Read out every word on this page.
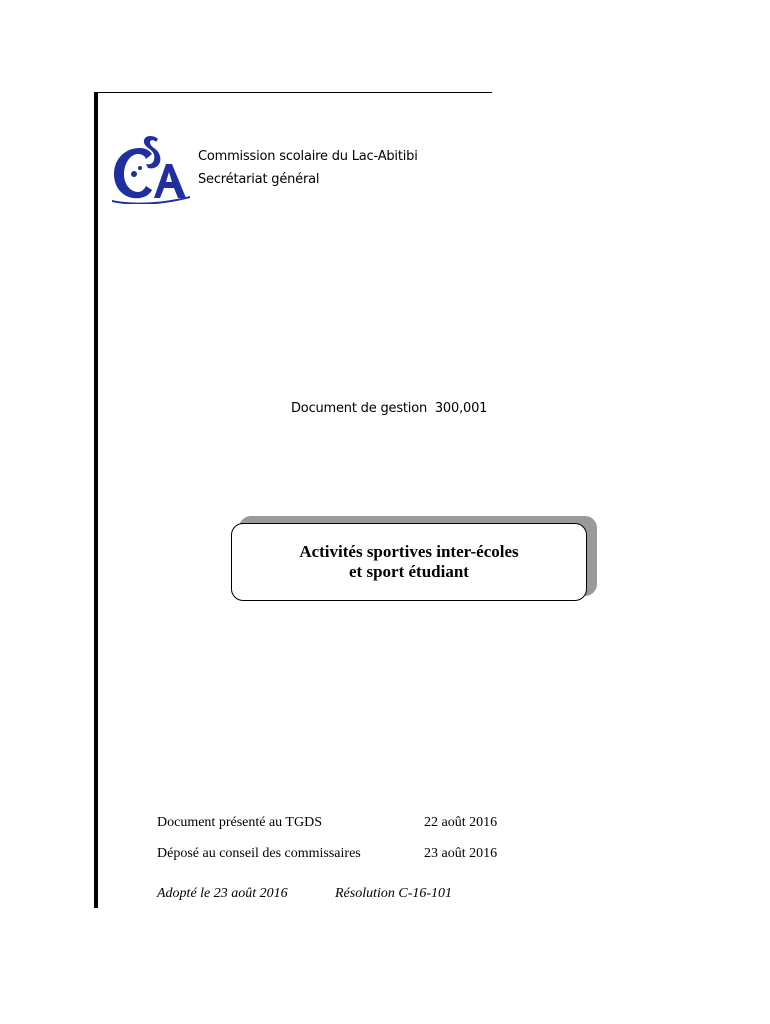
Commission scolaire du Lac-Abitibi
Secrétariat général
Document de gestion  300,001
Activités sportives inter-écoles
et sport étudiant
Document présenté au TGDS	22 août 2016
Déposé au conseil des commissaires	23 août 2016
Adopté le 23 août 2016	Résolution C-16-101
